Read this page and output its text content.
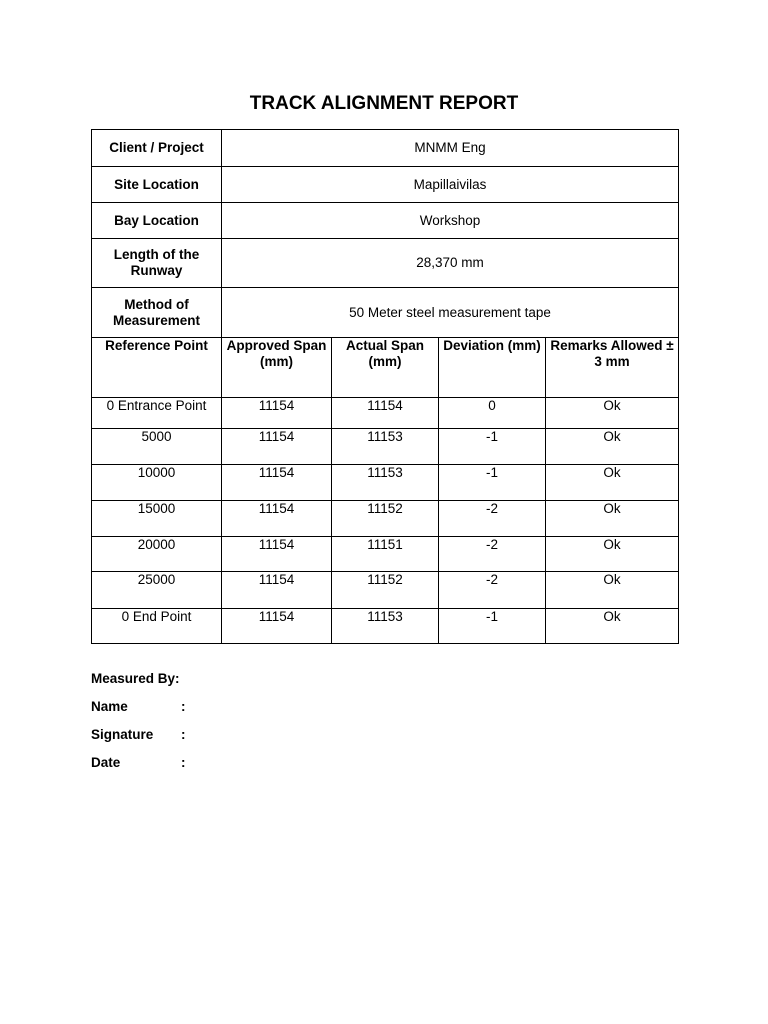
TRACK ALIGNMENT REPORT
Client / Project	MNMM Eng			
Site Location	Mapillaivilas			
Bay Location	Workshop			
Length of the Runway	28,370 mm			
Method of Measurement	50 Meter steel measurement tape			
Reference Point	Approved Span (mm)	Actual Span (mm)	Deviation (mm)	Remarks Allowed ± 3 mm
0 Entrance Point	11154	11154	0	Ok
5000	11154	11153	-1	Ok
10000	11154	11153	-1	Ok
15000	11154	11152	-2	Ok
20000	11154	11151	-2	Ok
25000	11154	11152	-2	Ok
0 End Point	11154	11153	-1	Ok
Measured By:
Name	:
Signature :
Date	:
